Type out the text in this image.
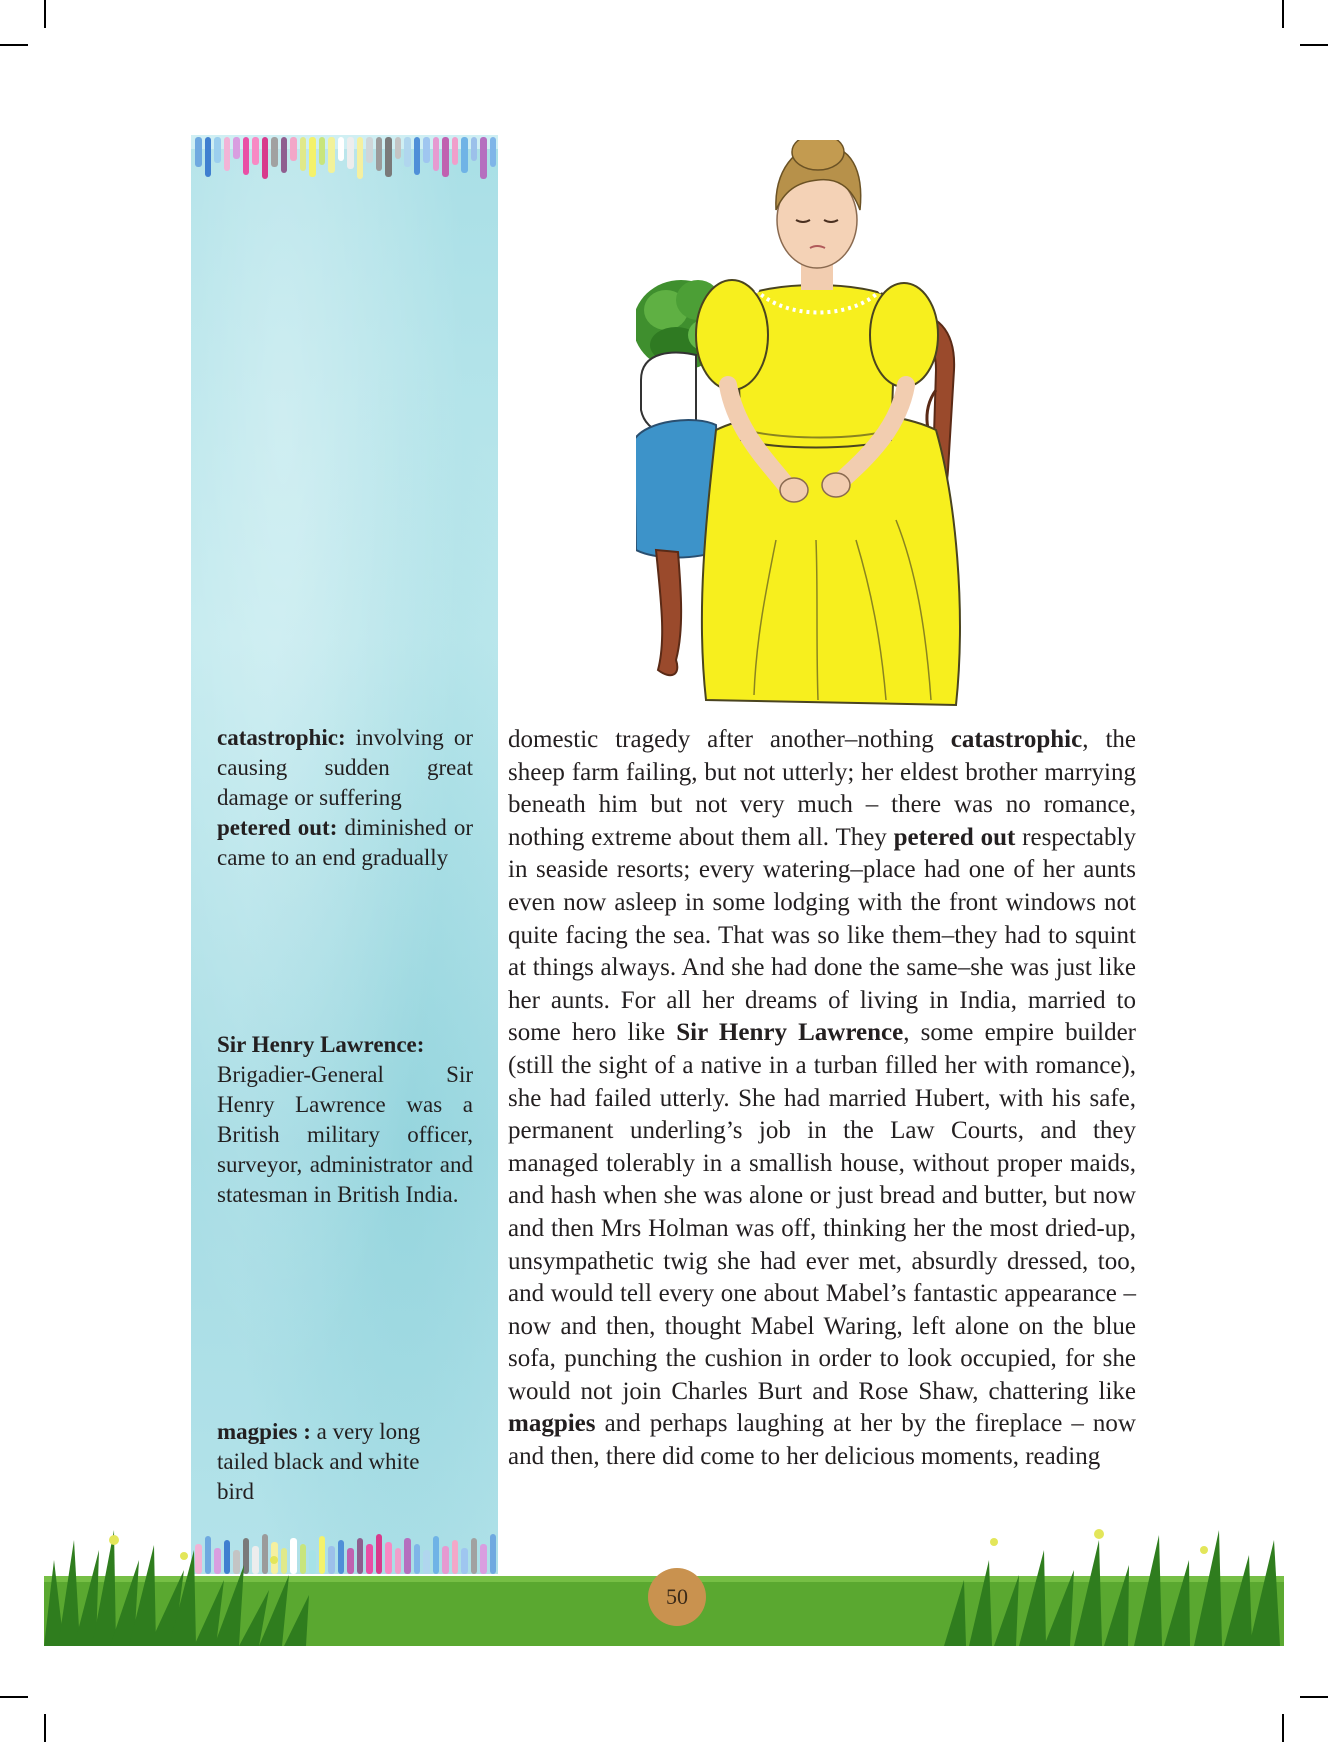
catastrophic: involving or causing sudden great damage or suffering

petered out: diminished or came to an end gradually

Sir Henry Lawrence:
Brigadier-General Sir Henry Lawrence was a British military officer, surveyor, administrator and statesman in British India.

magpies : a very long tailed black and white bird

domestic tragedy after another–nothing catastrophic, the sheep farm failing, but not utterly; her eldest brother marrying beneath him but not very much – there was no romance, nothing extreme about them all. They petered out respectably in seaside resorts; every watering–place had one of her aunts even now asleep in some lodging with the front windows not quite facing the sea. That was so like them–they had to squint at things always. And she had done the same–she was just like her aunts. For all her dreams of living in India, married to some hero like Sir Henry Lawrence, some empire builder (still the sight of a native in a turban filled her with romance), she had failed utterly. She had married Hubert, with his safe, permanent underling’s job in the Law Courts, and they managed tolerably in a smallish house, without proper maids, and hash when she was alone or just bread and butter, but now and then Mrs Holman was off, thinking her the most dried-up, unsympathetic twig she had ever met, absurdly dressed, too, and would tell every one about Mabel’s fantastic appearance – now and then, thought Mabel Waring, left alone on the blue sofa, punching the cushion in order to look occupied, for she would not join Charles Burt and Rose Shaw, chattering like magpies and perhaps laughing at her by the fireplace – now and then, there did come to her delicious moments, reading
50
